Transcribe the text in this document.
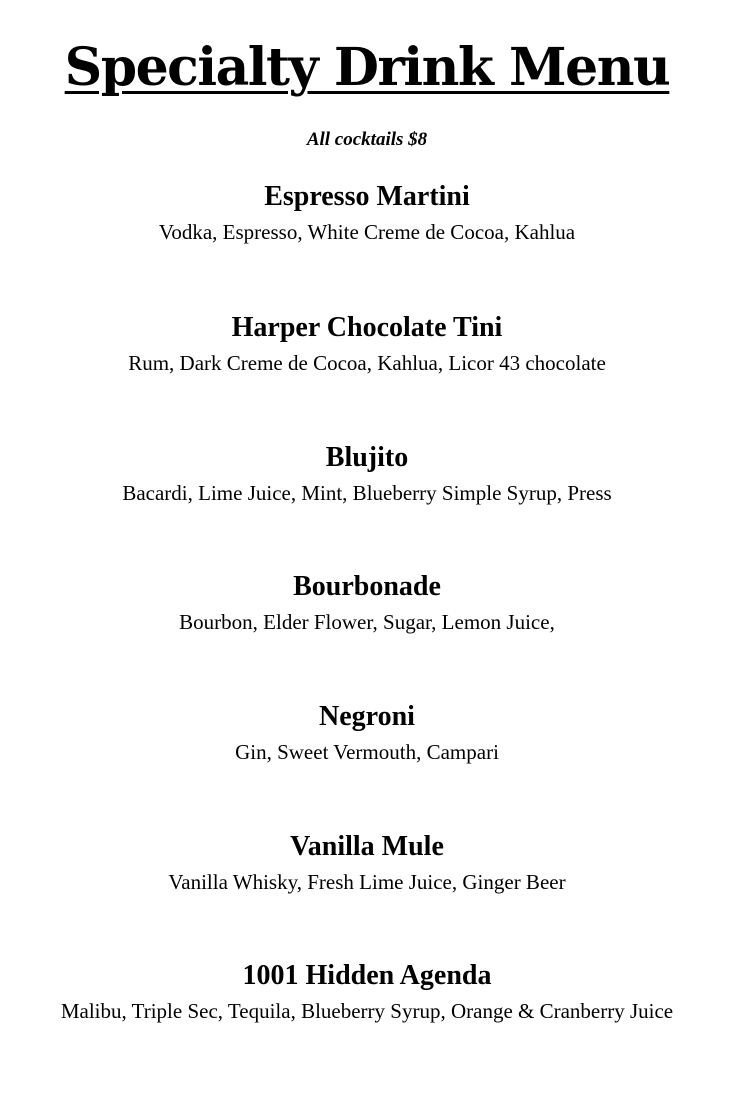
Specialty Drink Menu

All cocktails $8

Espresso Martini

Vodka, Espresso, White Creme de Cocoa, Kahlua

Harper Chocolate Tini

Rum, Dark Creme de Cocoa, Kahlua, Licor 43 chocolate

Blujito

Bacardi, Lime Juice, Mint, Blueberry Simple Syrup, Press

Bourbonade

Bourbon, Elder Flower, Sugar, Lemon Juice,

Negroni

Gin, Sweet Vermouth, Campari

Vanilla Mule

Vanilla Whisky, Fresh Lime Juice, Ginger Beer

1001 Hidden Agenda

Malibu, Triple Sec, Tequila, Blueberry Syrup, Orange & Cranberry Juice
